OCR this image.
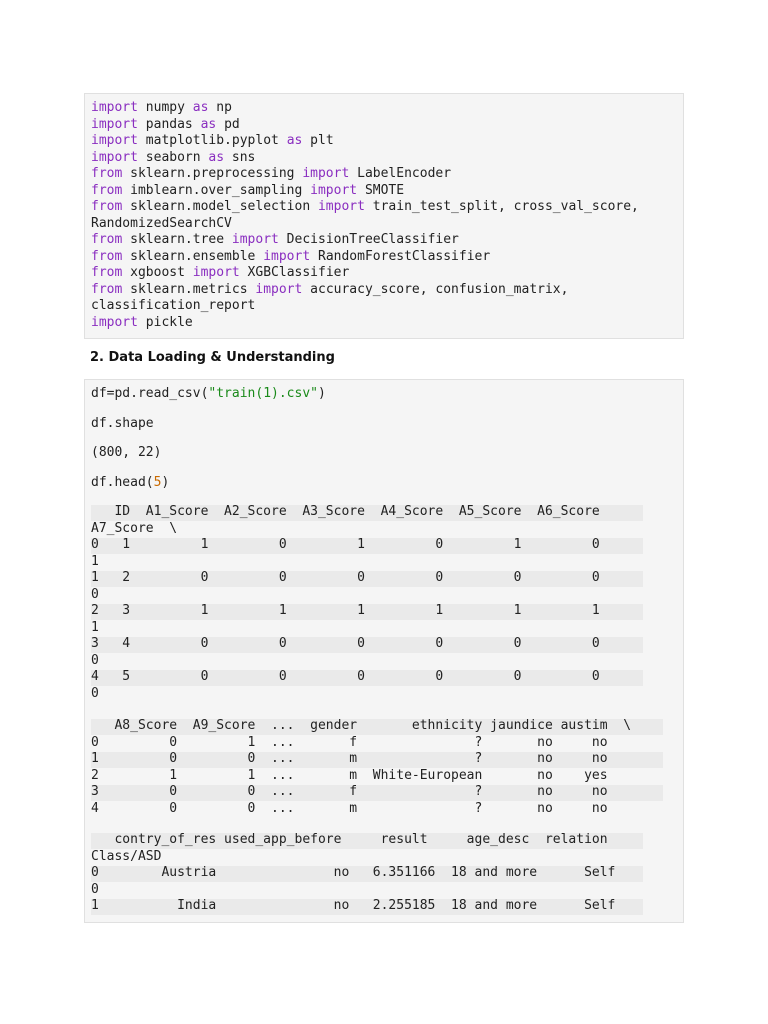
import numpy as np
import pandas as pd
import matplotlib.pyplot as plt
import seaborn as sns
from sklearn.preprocessing import LabelEncoder
from imblearn.over_sampling import SMOTE
from sklearn.model_selection import train_test_split, cross_val_score,
RandomizedSearchCV
from sklearn.tree import DecisionTreeClassifier
from sklearn.ensemble import RandomForestClassifier
from xgboost import XGBClassifier
from sklearn.metrics import accuracy_score, confusion_matrix,
classification_report
import pickle
2. Data Loading & Understanding
df=pd.read_csv("train(1).csv")
df.shape
(800, 22)
df.head(5)
ID  A1_Score  A2_Score  A3_Score  A4_Score  A5_Score  A6_Score
A7_Score  \
0   1         1         0         1         0         1         0
1
1   2         0         0         0         0         0         0
0
2   3         1         1         1         1         1         1
1
3   4         0         0         0         0         0         0
0
4   5         0         0         0         0         0         0
0
A8_Score  A9_Score  ...  gender       ethnicity jaundice austim  \
0         0         1  ...       f               ?       no     no
1         0         0  ...       m               ?       no     no
2         1         1  ...       m  White-European       no    yes
3         0         0  ...       f               ?       no     no
4         0         0  ...       m               ?       no     no
contry_of_res used_app_before     result     age_desc  relation
Class/ASD
0        Austria               no   6.351166  18 and more      Self
0
1          India               no   2.255185  18 and more      Self
